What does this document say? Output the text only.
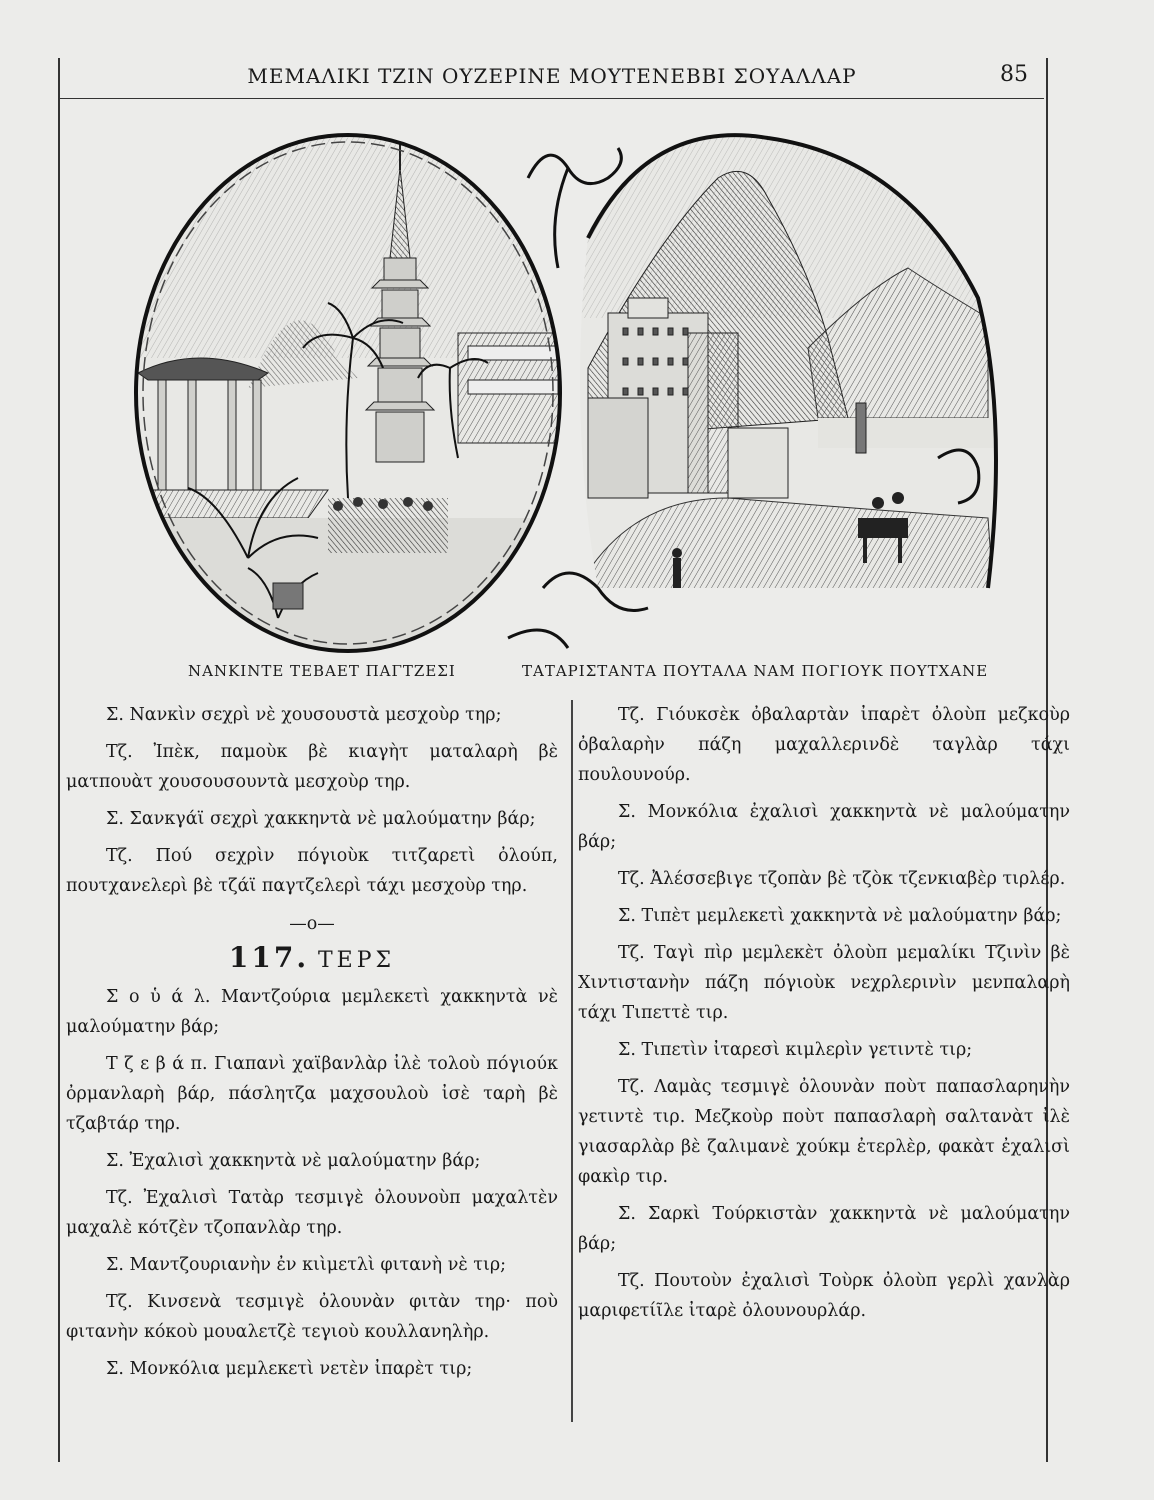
ΜΕΜΑΛΙΚΙ ΤΖΙΝ ΟΥΖΕΡΙΝΕ ΜΟΥΤΕΝΕΒΒΙ ΣΟΥΑΛΛΑΡ	85
ΝΑΝΚΙΝΤΕ ΤΕΒΑΕΤ ΠΑΓΤΖΕΣΙ	ΤΑΤΑΡΙΣΤΑΝΤΑ ΠΟΥΤΑΛΑ ΝΑΜ ΠΟΓΙΟΥΚ ΠΟΥΤΧΑΝΕ

Σ. Νανκὶν σεχρὶ νὲ χουσουστὰ μεσχοὺρ τηρ;

Τζ. Ἰπὲκ, παμοὺκ βὲ κιαγὴτ ματαλαρὴ βὲ ματπουὰτ χουσουσουντὰ μεσχοὺρ τηρ.

Σ. Σανκγάϊ σεχρὶ χακκηντὰ νὲ μαλούματην βάρ;

Τζ. Πού σεχρὶν πόγιοὺκ τιτζαρετὶ ὀλούπ, πουτχανελερὶ βὲ τζάϊ παγτζελερὶ τάχι μεσχοὺρ τηρ.

—ο—
117. ΤΕΡΣ

Σ ο ὑ ά λ. Μαντζούρια μεμλεκετὶ χακκηντὰ νὲ μαλούματην βάρ;

Τ ζ ε β ά π. Γιαπανὶ χαϊβανλὰρ ἰλὲ τολοὺ πόγιούκ ὀρμανλαρὴ βάρ, πάσλητζα μαχσουλοὺ ἰσὲ ταρὴ βὲ τζαβτάρ τηρ.

Σ. Ἐχαλισὶ χακκηντὰ νὲ μαλούματην βάρ;

Τζ. Ἐχαλισὶ Τατὰρ τεσμιγὲ ὀλουνοὺπ μαχαλτὲν μαχαλὲ κότζὲν τζοπανλὰρ τηρ.

Σ. Μαντζουριανὴν ἐν κιὶμετλὶ φιτανὴ νὲ τιρ;

Τζ. Κινσενὰ τεσμιγὲ ὀλουνὰν φιτὰν τηρ· ποὺ φιτανὴν κόκοὺ μουαλετζὲ τεγιοὺ κουλλανηλὴρ.

Σ. Μονκόλια μεμλεκετὶ νετὲν ἰπαρὲτ τιρ;

Τζ. Γιόυκσὲκ ὀβαλαρτὰν ἰπαρὲτ ὀλοὺπ μεζκοὺρ ὀβαλαρὴν πάζη μαχαλλερινδὲ ταγλὰρ τάχι πουλουνούρ.

Σ. Μονκόλια ἐχαλισὶ χακκηντὰ νὲ μαλούματην βάρ;

Τζ. Ἀλέσσεβιγε τζοπὰν βὲ τζὸκ τζενκιαβὲρ τιρλέρ.

Σ. Τιπὲτ μεμλεκετὶ χακκηντὰ νὲ μαλούματην βάρ;

Τζ. Ταγὶ πὶρ μεμλεκὲτ ὀλοὺπ μεμαλίκι Τζινὶν βὲ Χιντιστανὴν πάζη πόγιοὺκ νεχρλερινὶν μενπαλαρὴ τάχι Τιπεττὲ τιρ.

Σ. Τιπετὶν ἰταρεσὶ κιμλερὶν γετιντὲ τιρ;

Τζ. Λαμὰς τεσμιγὲ ὀλουνὰν ποὺτ παπασλαρηνὴν γετιντὲ τιρ. Μεζκοὺρ ποὺτ παπασλαρὴ σαλτανὰτ ἰλὲ γιασαρλὰρ βὲ ζαλιμανὲ χούκμ ἐτερλὲρ, φακὰτ ἐχαλισὶ φακὶρ τιρ.

Σ. Σαρκὶ Τούρκιστὰν χακκηντὰ νὲ μαλούματην βάρ;

Τζ. Πουτοὺν ἐχαλισὶ Τοὺρκ ὀλοὺπ γερλὶ χανλὰρ μαριφετίῖλε ἰταρὲ ὀλουνουρλάρ.
